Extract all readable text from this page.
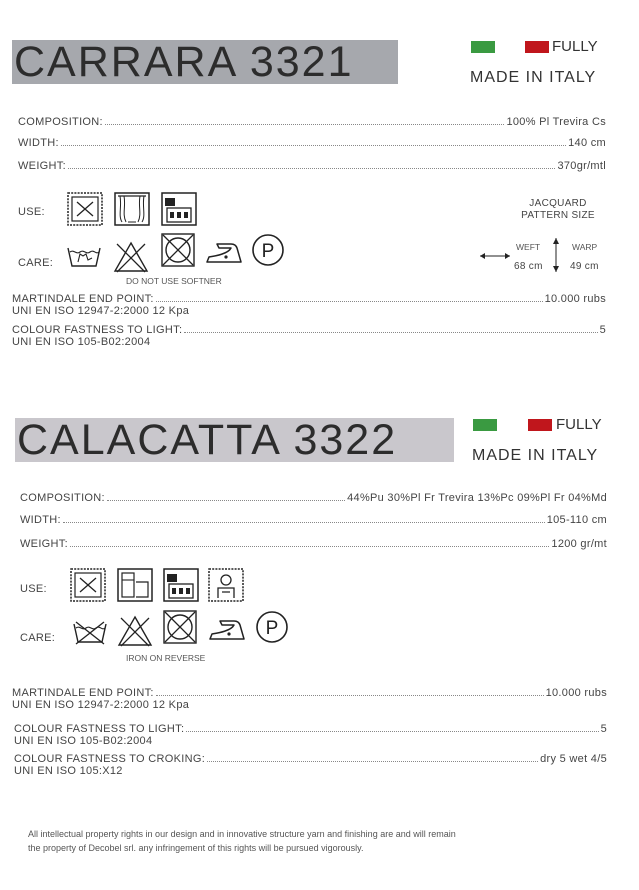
CARRARA 3321	FULLY
MADE IN ITALY
COMPOSITION:	100% Pl Trevira Cs
WIDTH:	140 cm
WEIGHT:	370gr/mtl
USE:
CARE:
P
DO NOT USE SOFTNER
JACQUARD
PATTERN SIZE
WEFT	WARP
68 cm	49 cm
MARTINDALE END POINT:	10.000 rubs
UNI EN ISO 12947-2:2000 12 Kpa
COLOUR FASTNESS TO LIGHT:	5
UNI EN ISO 105-B02:2004
CALACATTA 3322	FULLY
MADE IN ITALY
COMPOSITION:	44%Pu 30%Pl Fr Trevira 13%Pc 09%Pl Fr 04%Md
WIDTH:	105-110 cm
WEIGHT:	1200 gr/mt
USE:
CARE:	P
IRON ON REVERSE
MARTINDALE END POINT:	10.000 rubs
UNI EN ISO 12947-2:2000 12 Kpa
COLOUR FASTNESS TO LIGHT:	5
UNI EN ISO 105-B02:2004
COLOUR FASTNESS TO CROKING:	dry 5 wet 4/5
UNI EN ISO 105:X12
All intellectual property rights in our design and in innovative structure yarn and finishing are and will remain
the property of Decobel srl. any infringement of this rights will be pursued vigorously.
